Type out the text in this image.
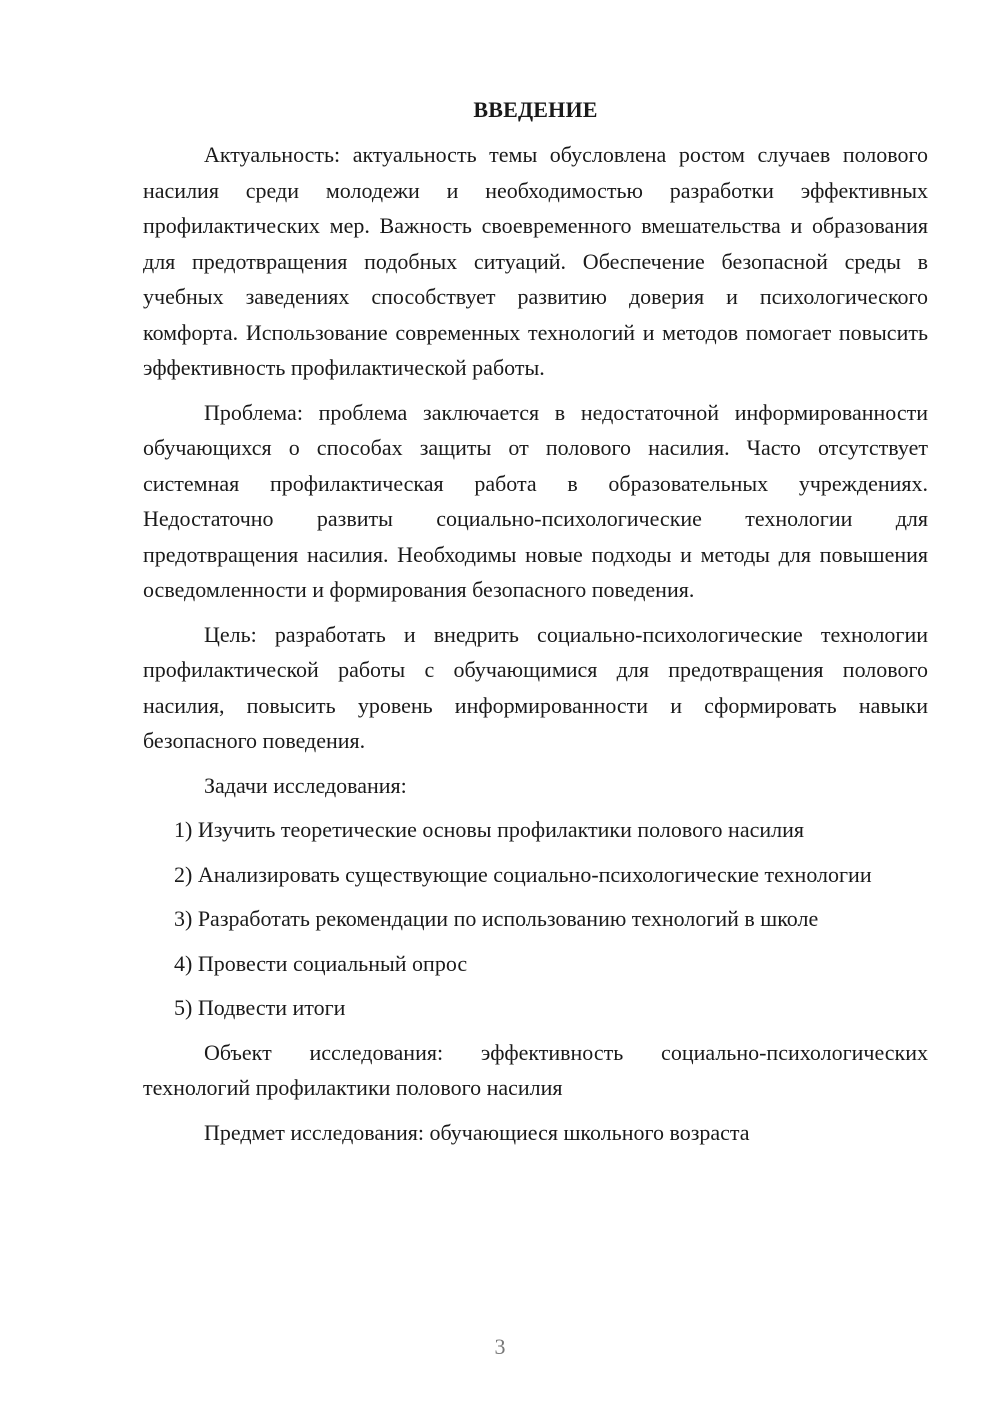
ВВЕДЕНИЕ

Актуальность: актуальность темы обусловлена ростом случаев полового насилия среди молодежи и необходимостью разработки эффективных профилактических мер. Важность своевременного вмешательства и образования для предотвращения подобных ситуаций. Обеспечение безопасной среды в учебных заведениях способствует развитию доверия и психологического комфорта. Использование современных технологий и методов помогает повысить эффективность профилактической работы.

Проблема: проблема заключается в недостаточной информированности обучающихся о способах защиты от полового насилия. Часто отсутствует системная профилактическая работа в образовательных учреждениях. Недостаточно развиты социально-психологические технологии для предотвращения насилия. Необходимы новые подходы и методы для повышения осведомленности и формирования безопасного поведения.

Цель: разработать и внедрить социально-психологические технологии профилактической работы с обучающимися для предотвращения полового насилия, повысить уровень информированности и сформировать навыки безопасного поведения.

Задачи исследования:

1) Изучить теоретические основы профилактики полового насилия

2) Анализировать существующие социально-психологические технологии

3) Разработать рекомендации по использованию технологий в школе

4) Провести социальный опрос

5) Подвести итоги

Объект исследования: эффективность социально-психологических технологий профилактики полового насилия

Предмет исследования: обучающиеся школьного возраста

3
